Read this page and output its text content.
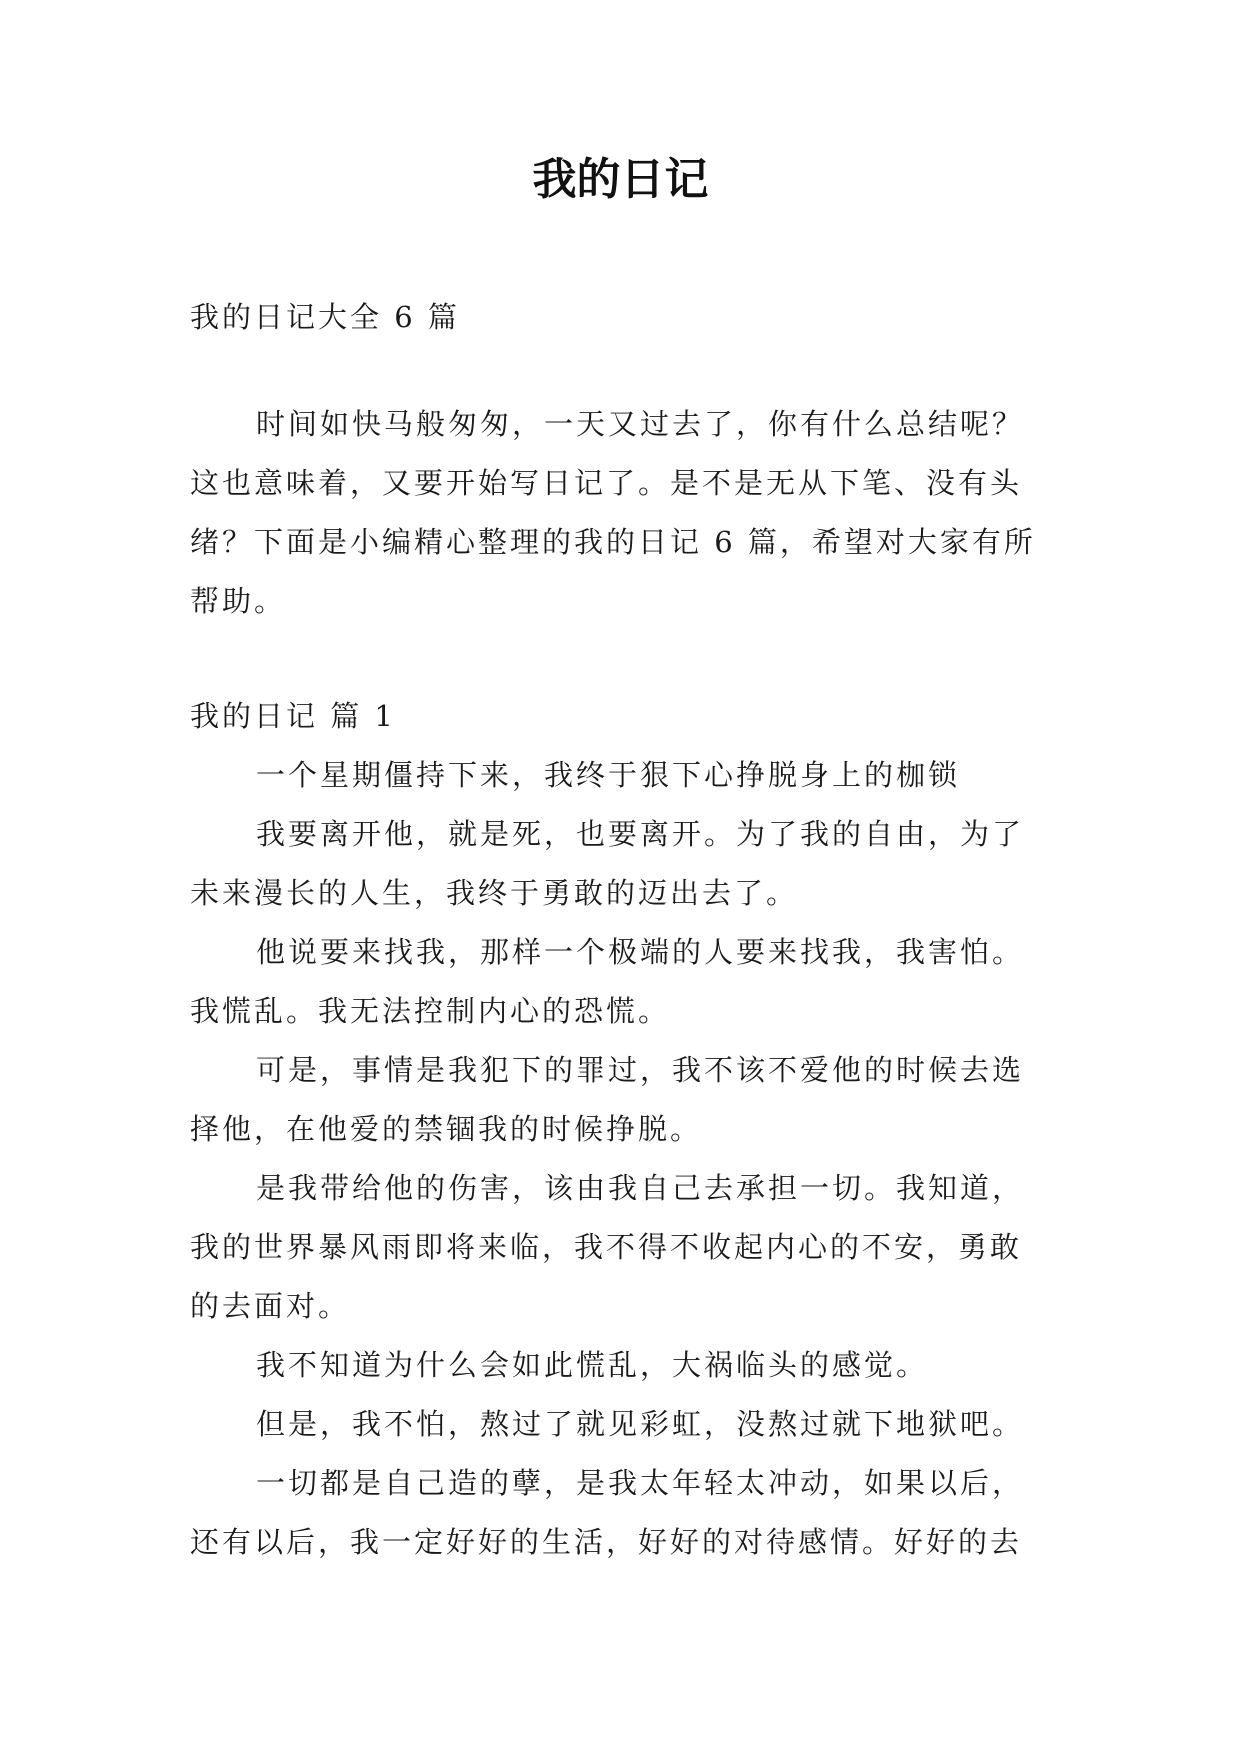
我的日记

我的日记大全 6 篇

时间如快马般匆匆，一天又过去了，你有什么总结呢？这也意味着，又要开始写日记了。是不是无从下笔、没有头绪？下面是小编精心整理的我的日记 6 篇，希望对大家有所帮助。

我的日记 篇 1

一个星期僵持下来，我终于狠下心挣脱身上的枷锁

我要离开他，就是死，也要离开。为了我的自由，为了未来漫长的人生，我终于勇敢的迈出去了。

他说要来找我，那样一个极端的人要来找我，我害怕。我慌乱。我无法控制内心的恐慌。

可是，事情是我犯下的罪过，我不该不爱他的时候去选择他，在他爱的禁锢我的时候挣脱。

是我带给他的伤害，该由我自己去承担一切。我知道，我的世界暴风雨即将来临，我不得不收起内心的不安，勇敢的去面对。

我不知道为什么会如此慌乱，大祸临头的感觉。

但是，我不怕，熬过了就见彩虹，没熬过就下地狱吧。

一切都是自己造的孽，是我太年轻太冲动，如果以后，还有以后，我一定好好的生活，好好的对待感情。好好的去
